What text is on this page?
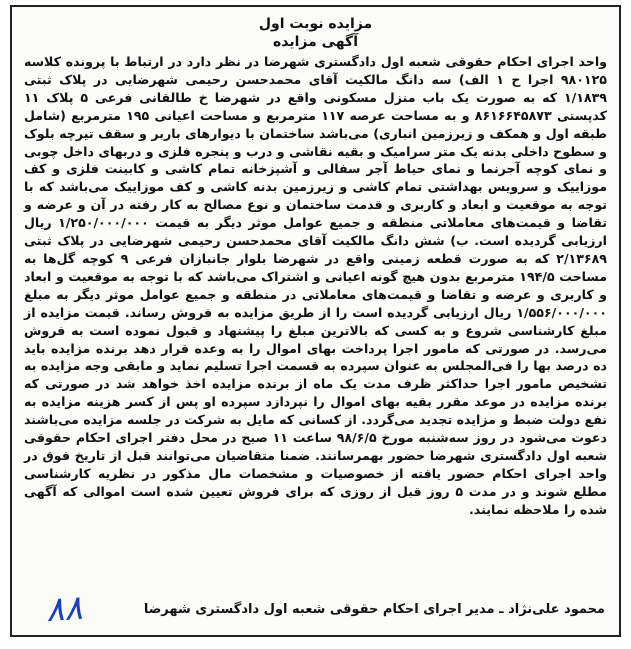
مزایده نوبت اول
آگهی مزایده
واحد اجرای احکام حقوقی شعبه اول دادگستری شهرضا در نظر دارد در ارتباط با پرونده کلاسه ۹۸۰۱۲۵ اجرا ح ۱ الف) سه دانگ مالکیت آقای محمدحسن رحیمی شهرضایی در پلاک ثبتی ۱/۱۸۳۹ که به صورت یک باب منزل مسکونی واقع در شهرضا خ طالقانی فرعی ۵ پلاک ۱۱ کدپستی ۸۶۱۶۶۴۵۸۷۳ و به مساحت عرصه ۱۱۷ مترمربع و مساحت اعیانی ۱۹۵ مترمربع (شامل طبقه اول و همکف و زیرزمین انباری) می‌باشد ساختمان با دیوارهای باربر و سقف تیرچه بلوک و سطوح داخلی بدنه یک متر سرامیک و بقیه نقاشی و درب و پنجره فلزی و دربهای داخل چوبی و نمای کوچه آجرنما و نمای حیاط آجر سفالی و آشپزخانه تمام کاشی و کابینت فلزی و کف موزاییک و سرویس بهداشتی تمام کاشی و زیرزمین بدنه کاشی و کف موزاییک می‌باشد که با توجه به موقعیت و ابعاد و کاربری و قدمت ساختمان و نوع مصالح به کار رفته در آن و عرضه و تقاضا و قیمت‌های معاملاتی منطقه و جمیع عوامل موثر دیگر به قیمت ۱/۲۵۰/۰۰۰/۰۰۰ ریال ارزیابی گردیده است. ب) شش دانگ مالکیت آقای محمدحسن رحیمی شهرضایی در پلاک ثبتی ۲/۱۳۶۸۹ که به صورت قطعه زمینی واقع در شهرضا بلوار جانبازان فرعی ۹ کوچه گل‌ها به مساحت ۱۹۴/۵ مترمربع بدون هیچ گونه اعیانی و اشتراک می‌باشد که با توجه به موقعیت و ابعاد و کاربری و عرضه و تقاضا و قیمت‌های معاملاتی در منطقه و جمیع عوامل موثر دیگر به مبلغ ۱/۵۵۶/۰۰۰/۰۰۰ ریال ارزیابی گردیده است را از طریق مزایده به فروش رساند. قیمت مزایده از مبلغ کارشناسی شروع و به کسی که بالاترین مبلغ را پیشنهاد و قبول نموده است به فروش می‌رسد. در صورتی که مامور اجرا پرداخت بهای اموال را به وعده قرار دهد برنده مزایده باید ده درصد بها را فی‌المجلس به عنوان سپرده به قسمت اجرا تسلیم نماید و مابقی وجه مزایده به تشخیص مامور اجرا حداکثر ظرف مدت یک ماه از برنده مزایده اخذ خواهد شد در صورتی که برنده مزایده در موعد مقرر بقیه بهای اموال را نپردازد سپرده او پس از کسر هزینه مزایده به نفع دولت ضبط و مزایده تجدید می‌گردد. از کسانی که مایل به شرکت در جلسه مزایده می‌باشند دعوت می‌شود در روز سه‌شنبه مورخ ۹۸/۶/۵ ساعت ۱۱ صبح در محل دفتر اجرای احکام حقوقی شعبه اول دادگستری شهرضا حضور بهمرسانند. ضمنا متقاضیان می‌توانند قبل از تاریخ فوق در واحد اجرای احکام حضور یافته از خصوصیات و مشخصات مال مذکور در نظریه کارشناسی مطلع شوند و در مدت ۵ روز قبل از روزی که برای فروش تعیین شده است اموالی که آگهی شده را ملاحظه نمایند.
محمود علی‌نژاد ـ مدیر اجرای احکام حقوقی شعبه اول دادگستری شهرضا
۸۸
